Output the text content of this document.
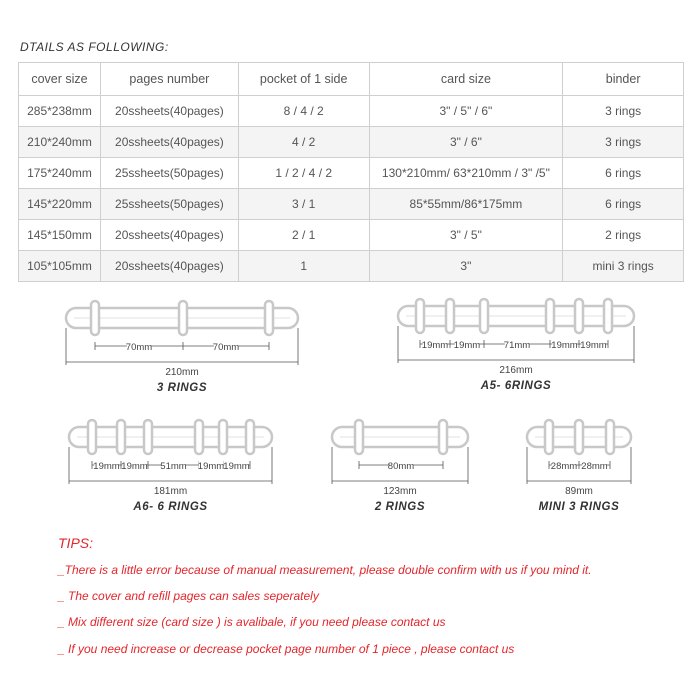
DTAILS AS FOLLOWING:
cover size	pages number	pocket of 1 side	card size	binder
285*238mm	20ssheets(40pages)	8 / 4 / 2	3" / 5" / 6"	3 rings
210*240mm	20ssheets(40pages)	4 / 2	3" / 6"	3 rings
175*240mm	25ssheets(50pages)	1 / 2 / 4 / 2	130*210mm/ 63*210mm / 3" /5"	6 rings
145*220mm	25ssheets(50pages)	3 / 1	85*55mm/86*175mm	6 rings
145*150mm	20ssheets(40pages)	2 / 1	3" / 5"	2 rings
105*105mm	20ssheets(40pages)	1	3"	mini 3 rings
70mm	70mm
210mm
3 RINGS
19mm 19mm 71mm 19mm 19mm
216mm
A5- 6RINGS
19mm 19mm 51mm 19mm 19mm
181mm
A6- 6 RINGS
80mm
123mm
2 RINGS
28mm 28mm
89mm
MINI 3 RINGS
TIPS:
_There is a little error because of manual measurement, please double confirm with us if you mind it.
_ The cover and refill pages can sales seperately
_ Mix different size (card size ) is avalibale, if you need please contact us
_ If you need increase or decrease pocket page number of 1 piece , please contact us
